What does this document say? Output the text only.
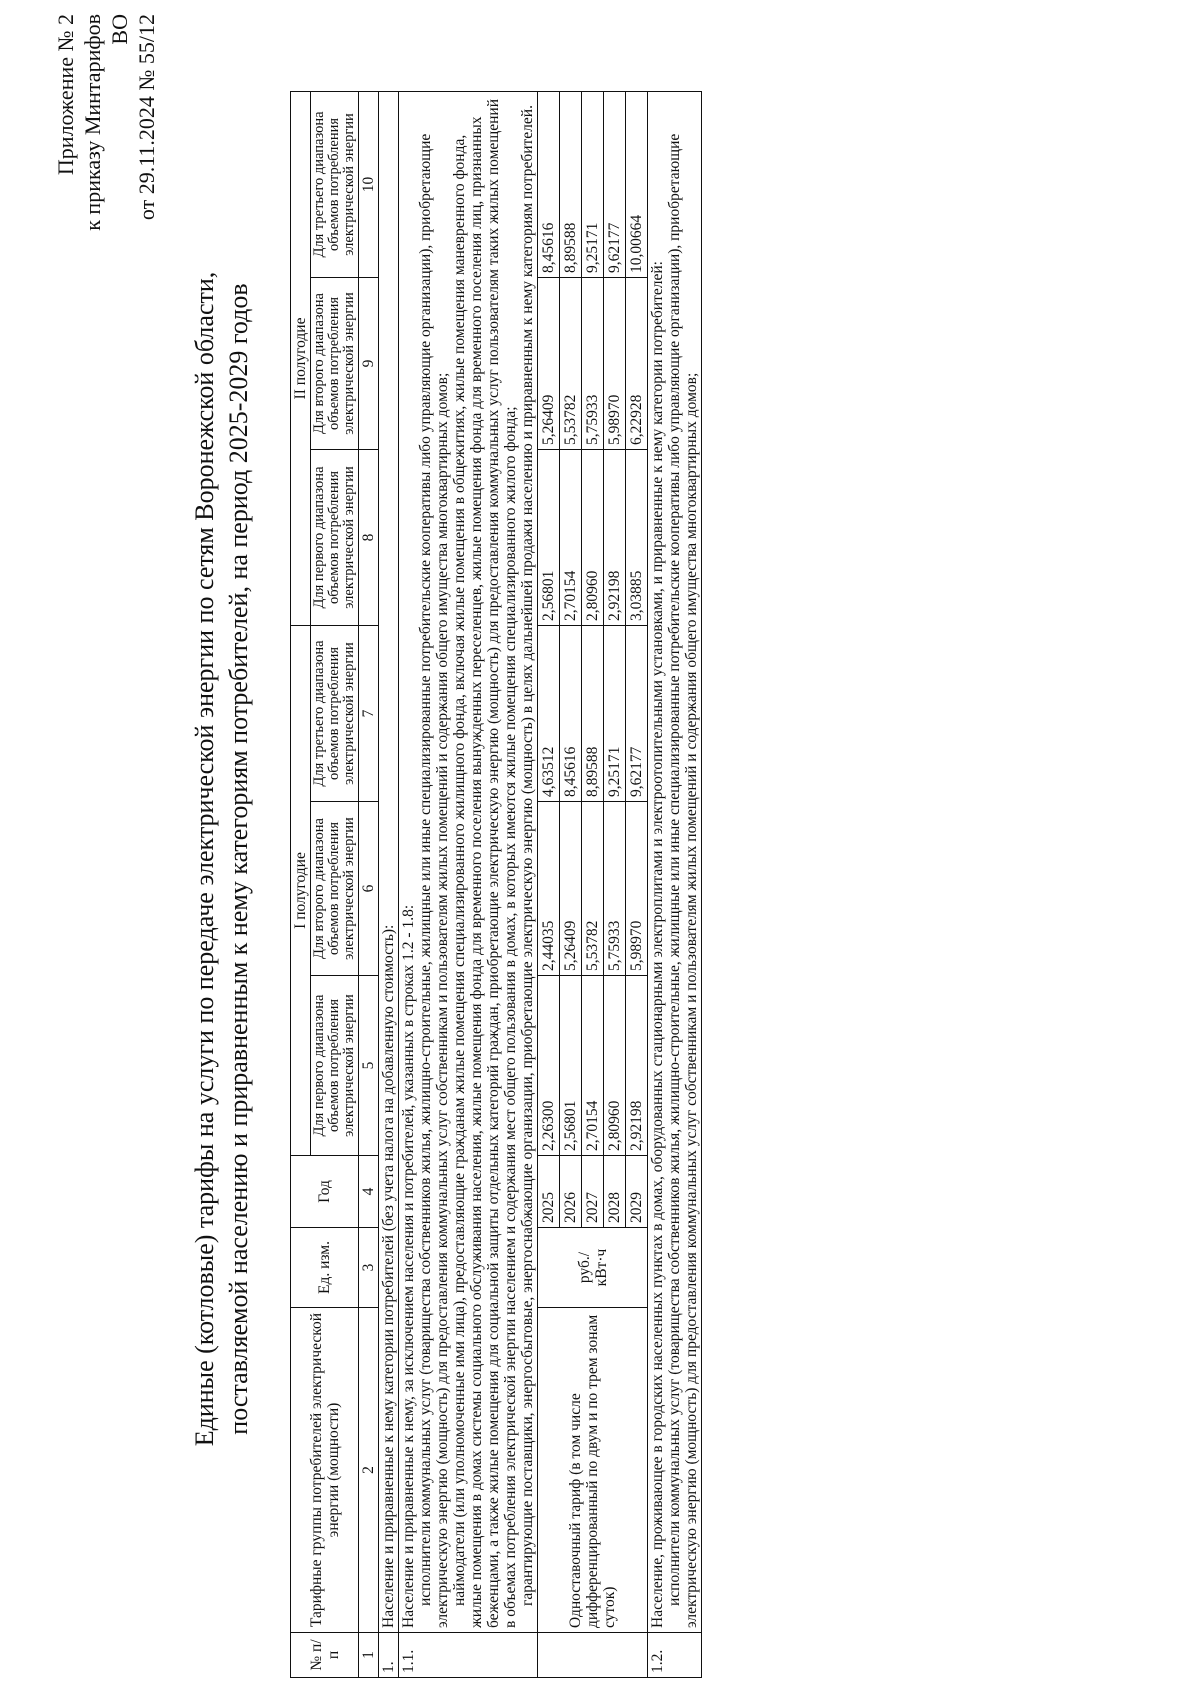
Приложение № 2 к приказу Минтарифов ВО от 29.11.2024 № 55/12
Единые (котловые) тарифы на услуги по передаче электрической энергии по сетям Воронежской области, поставляемой населению и приравненным к нему категориям потребителей, на период 2025-2029 годов
№ п/п	Тарифные группы потребителей электрической энергии (мощности)	Ед. изм.	Год	I полугодие			II полугодие		
				Для первого диапазона объемов потребления электрической энергии	Для второго диапазона объемов потребления электрической энергии	Для третьего диапазона объемов потребления электрической энергии	Для первого диапазона объемов потребления электрической энергии	Для второго диапазона объемов потребления электрической энергии	Для третьего диапазона объемов потребления электрической энергии
1	2	3	4	5	6	7	8	9	10
1.	Население и приравненные к нему категории потребителей (без учета налога на добавленную стоимость):								
1.1.	Население и приравненные к нему, за исключением населения и потребителей, указанных в строках 1.2 - 1.8: исполнители коммунальных услуг (товарищества собственников жилья, жилищно-строительные, жилищные или иные специализированные потребительские кооперативы либо управляющие организации), приобретающие электрическую энергию (мощность) для предоставления коммунальных услуг собственникам и пользователям жилых помещений и содержания общего имущества многоквартирных домов; наймодатели (или уполномоченные ими лица), предоставляющие гражданам жилые помещения специализированного жилищного фонда, включая жилые помещения в общежитиях, жилые помещения маневренного фонда, жилые помещения в домах системы социального обслуживания населения, жилые помещения фонда для временного поселения вынужденных переселенцев, жилые помещения фонда для временного поселения лиц, признанных беженцами, а также жилые помещения для социальной защиты отдельных категорий граждан, приобретающие электрическую энергию (мощность) для предоставления коммунальных услуг пользователям таких жилых помещений в объемах потребления электрической энергии населением и содержания мест общего пользования в домах, в которых имеются жилые помещения специализированного жилого фонда; гарантирующие поставщики, энергосбытовые, энергоснабжающие организации, приобретающие электрическую энергию (мощность) в целях дальнейшей продажи населению и приравненным к нему категориям потребителей.								

	Одноставочный тариф (в том числе дифференцированный по двум и по трем зонам суток)	руб./ кВт·ч	2025	2,26300	2,44035	4,63512	2,56801	5,26409	8,45616
			2026	2,56801	5,26409	8,45616	2,70154	5,53782	8,89588
			2027	2,70154	5,53782	8,89588	2,80960	5,75933	9,25171
			2028	2,80960	5,75933	9,25171	2,92198	5,98970	9,62177
			2029	2,92198	5,98970	9,62177	3,03885	6,22928	10,00664
1.2.	Население, проживающее в городских населенных пунктах в домах, оборудованных стационарными электроплитами и электроотопительными установками, и приравненные к нему категории потребителей: исполнители коммунальных услуг (товарищества собственников жилья, жилищно-строительные, жилищные или иные специализированные потребительские кооперативы либо управляющие организации), приобретающие электрическую энергию (мощность) для предоставления коммунальных услуг собственникам и пользователям жилых помещений и содержания общего имущества многоквартирных домов;								
